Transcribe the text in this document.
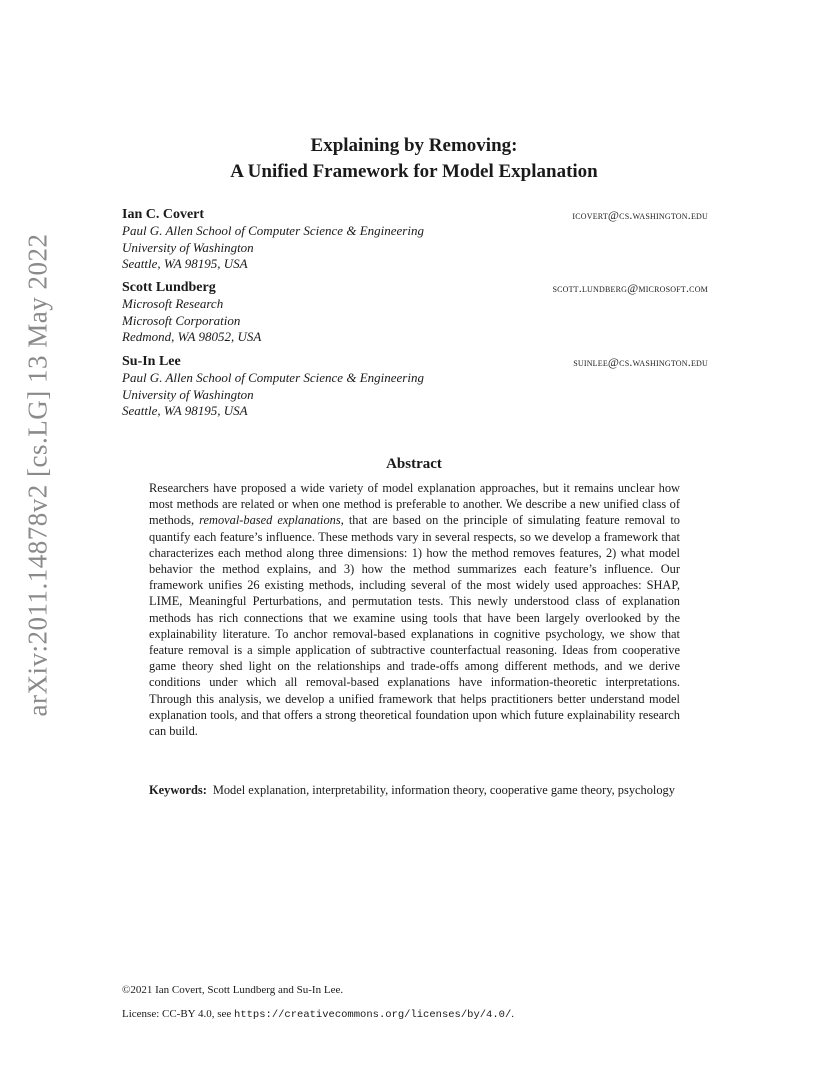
arXiv:2011.14878v2 [cs.LG] 13 May 2022
Explaining by Removing:
A Unified Framework for Model Explanation
Ian C. Covert	icovert@cs.washington.edu
Paul G. Allen School of Computer Science & Engineering
University of Washington
Seattle, WA 98195, USA
Scott Lundberg	scott.lundberg@microsoft.com
Microsoft Research
Microsoft Corporation
Redmond, WA 98052, USA
Su-In Lee	suinlee@cs.washington.edu
Paul G. Allen School of Computer Science & Engineering
University of Washington
Seattle, WA 98195, USA
Abstract
Researchers have proposed a wide variety of model explanation approaches, but it remains unclear how most methods are related or when one method is preferable to another. We describe a new unified class of methods, removal-based explanations, that are based on the principle of simulating feature removal to quantify each feature’s influence. These methods vary in several respects, so we develop a framework that characterizes each method along three dimensions: 1) how the method removes features, 2) what model behavior the method explains, and 3) how the method summarizes each feature’s influence. Our framework unifies 26 existing methods, including several of the most widely used approaches: SHAP, LIME, Meaningful Perturbations, and permutation tests. This newly understood class of explanation methods has rich connections that we examine using tools that have been largely overlooked by the explainability literature. To anchor removal-based explanations in cognitive psychology, we show that feature removal is a simple application of subtractive counterfactual reasoning. Ideas from cooperative game theory shed light on the relationships and trade-offs among different methods, and we derive conditions under which all removal-based explanations have information-theoretic interpretations. Through this analysis, we develop a unified framework that helps practitioners better understand model explanation tools, and that offers a strong theoretical foundation upon which future explainability research can build.
Keywords: Model explanation, interpretability, information theory, cooperative game theory, psychology
©2021 Ian Covert, Scott Lundberg and Su-In Lee.
License: CC-BY 4.0, see https://creativecommons.org/licenses/by/4.0/.
